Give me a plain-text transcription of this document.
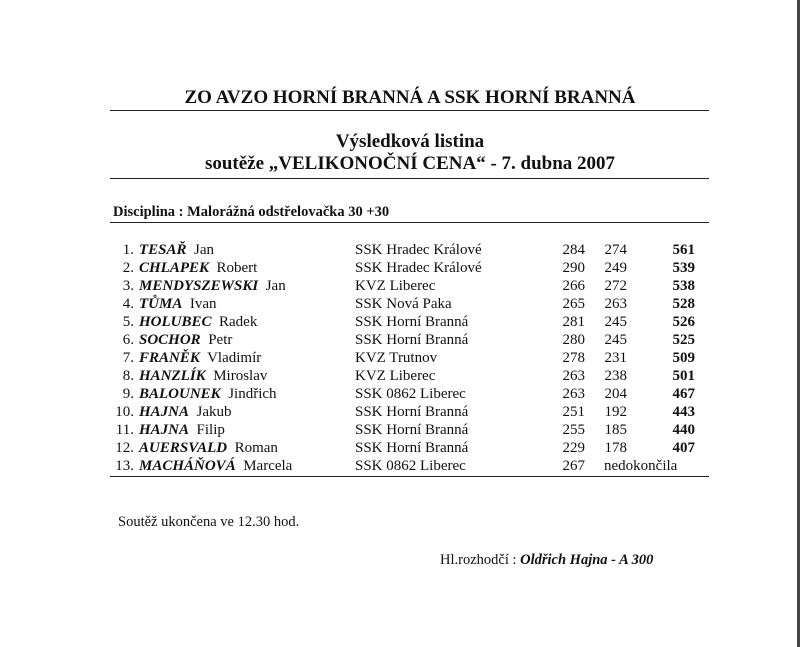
ZO AVZO HORNÍ BRANNÁ A SSK HORNÍ BRANNÁ
Výsledková listina
soutěže „VELIKONOČNÍ CENA“ - 7. dubna 2007
Disciplina : Malorážná odstřelovačka 30 +30
1. TESAŘ Jan	SSK Hradec Králové	284	274	561
2. CHLAPEK Robert	SSK Hradec Králové	290	249	539
3. MENDYSZEWSKI Jan	KVZ Liberec	266	272	538
4. TŮMA Ivan	SSK Nová Paka	265	263	528
5. HOLUBEC Radek	SSK Horní Branná	281	245	526
6. SOCHOR Petr	SSK Horní Branná	280	245	525
7. FRANĚK Vladimír	KVZ Trutnov	278	231	509
8. HANZLÍK Miroslav	KVZ Liberec	263	238	501
9. BALOUNEK Jindřich	SSK 0862 Liberec	263	204	467
10. HAJNA Jakub	SSK Horní Branná	251	192	443
11. HAJNA Filip	SSK Horní Branná	255	185	440
12. AUERSVALD Roman	SSK Horní Branná	229	178	407
13. MACHÁŇOVÁ Marcela	SSK 0862 Liberec	267 nedokončila
Soutěž ukončena ve 12.30 hod.
Hl.rozhodčí : Oldřich Hajna - A 300
